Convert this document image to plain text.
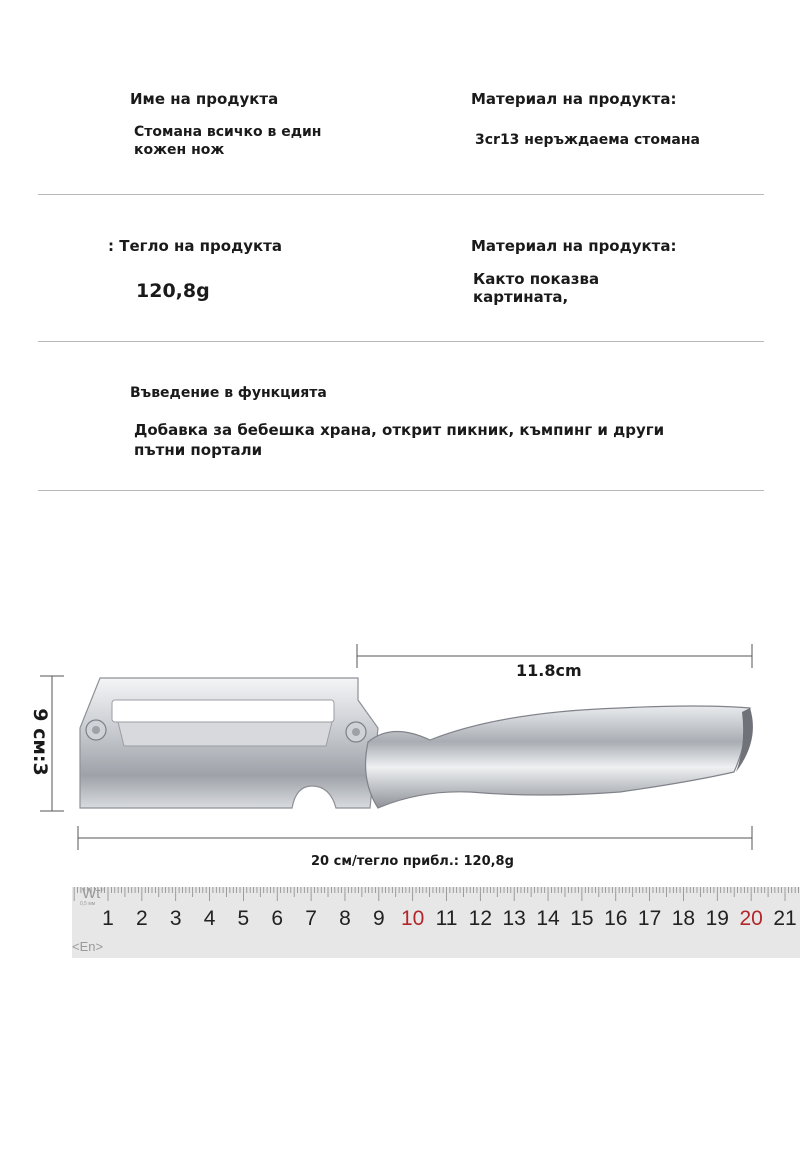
Име на продукта	Материал на продукта:
Стомана всичко в един
кожен нож
3cr13 неръждаема стомана
: Тегло на продукта	Материал на продукта:
120,8g
Както показва
картината,
Въведение в функцията
Добавка за бебешка храна, открит пикник, къмпинг и други
пътни портали
11.8cm
9 см:3
20 см/тегло прибл.: 120,8g
Wt"
0,5 мм
1 2 3 4 5 6 7 8 9 10 11 12 13 14 15 16 17 18 19 20 21
<En>
